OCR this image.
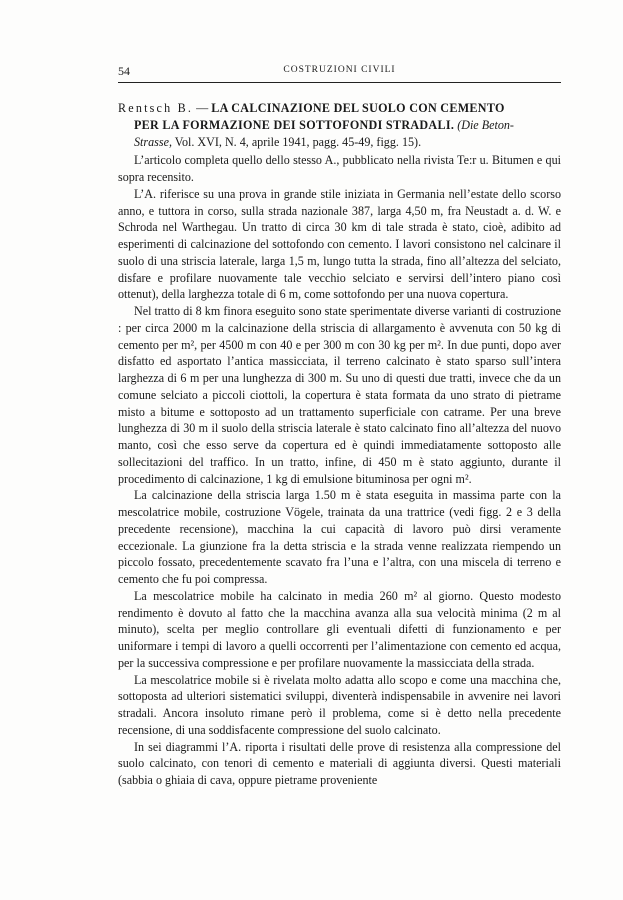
54	COSTRUZIONI CIVILI
Rentsch B. — LA CALCINAZIONE DEL SUOLO CON CEMENTO
PER LA FORMAZIONE DEI SOTTOFONDI STRADALI. (Die Beton-
Strasse, Vol. XVI, N. 4, aprile 1941, pagg. 45-49, figg. 15).

L’articolo completa quello dello stesso A., pubblicato nella rivista Te:r u. Bitumen e qui sopra recensito.

L’A. riferisce su una prova in grande stile iniziata in Germania nell’estate dello scorso anno, e tuttora in corso, sulla strada nazionale 387, larga 4,50 m, fra Neustadt a. d. W. e Schroda nel Warthegau. Un tratto di circa 30 km di tale strada è stato, cioè, adibito ad esperimenti di calcinazione del sottofondo con cemento. I lavori consistono nel calcinare il suolo di una striscia laterale, larga 1,5 m, lungo tutta la strada, fino all’altezza del selciato, disfare e profilare nuovamente tale vecchio selciato e servirsi dell’intero piano così ottenut), della larghezza totale di 6 m, come sottofondo per una nuova copertura.

Nel tratto di 8 km finora eseguito sono state sperimentate diverse varianti di costruzione : per circa 2000 m la calcinazione della striscia di allargamento è avvenuta con 50 kg di cemento per m², per 4500 m con 40 e per 300 m con 30 kg per m². In due punti, dopo aver disfatto ed asportato l’antica massicciata, il terreno calcinato è stato sparso sull’intera larghezza di 6 m per una lunghezza di 300 m. Su uno di questi due tratti, invece che da un comune selciato a piccoli ciottoli, la copertura è stata formata da uno strato di pietrame misto a bitume e sottoposto ad un trattamento superficiale con catrame. Per una breve lunghezza di 30 m il suolo della striscia laterale è stato calcinato fino all’altezza del nuovo manto, così che esso serve da copertura ed è quindi immediatamente sottoposto alle sollecitazioni del traffico. In un tratto, infine, di 450 m è stato aggiunto, durante il procedimento di calcinazione, 1 kg di emulsione bituminosa per ogni m².

La calcinazione della striscia larga 1.50 m è stata eseguita in massima parte con la mescolatrice mobile, costruzione Vögele, trainata da una trattrice (vedi figg. 2 e 3 della precedente recensione), macchina la cui capacità di lavoro può dirsi veramente eccezionale. La giunzione fra la detta striscia e la strada venne realizzata riempendo un piccolo fossato, precedentemente scavato fra l’una e l’altra, con una miscela di terreno e cemento che fu poi compressa.

La mescolatrice mobile ha calcinato in media 260 m² al giorno. Questo modesto rendimento è dovuto al fatto che la macchina avanza alla sua velocità minima (2 m al minuto), scelta per meglio controllare gli eventuali difetti di funzionamento e per uniformare i tempi di lavoro a quelli occorrenti per l’alimentazione con cemento ed acqua, per la successiva compressione e per profilare nuovamente la massicciata della strada.

La mescolatrice mobile si è rivelata molto adatta allo scopo e come una macchina che, sottoposta ad ulteriori sistematici sviluppi, diventerà indispensabile in avvenire nei lavori stradali. Ancora insoluto rimane però il problema, come si è detto nella precedente recensione, di una soddisfacente compressione del suolo calcinato.

In sei diagrammi l’A. riporta i risultati delle prove di resistenza alla compressione del suolo calcinato, con tenori di cemento e materiali di aggiunta diversi. Questi materiali (sabbia o ghiaia di cava, oppure pietrame proveniente
